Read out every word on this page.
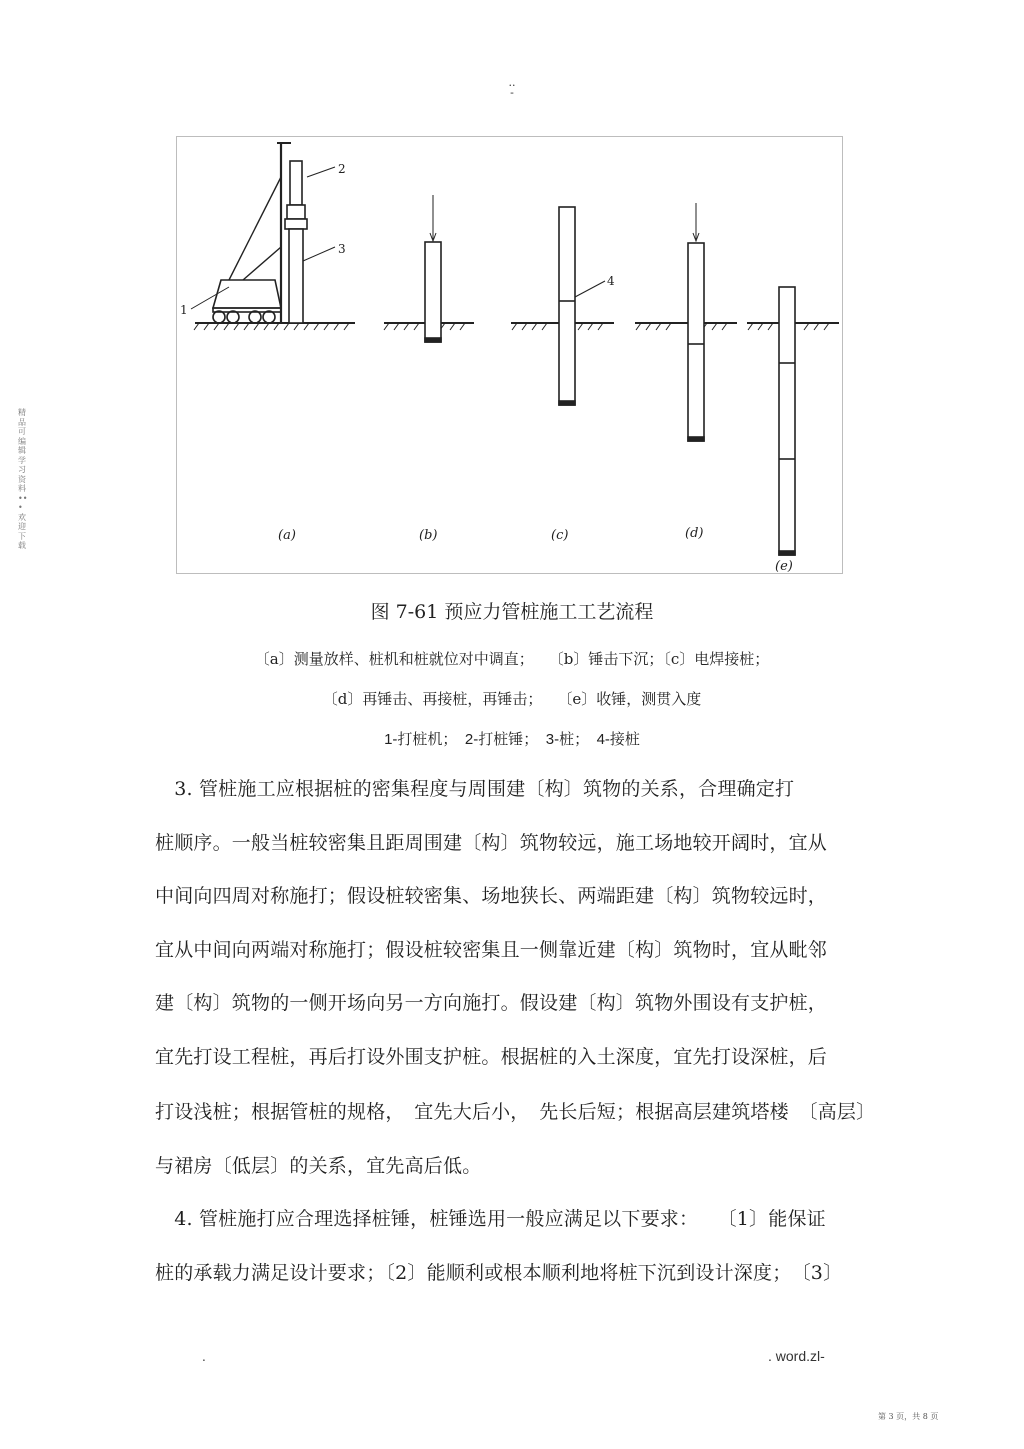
..
-
精品可编辑学习资料•••欢迎下载
2
3
1
(a)	(b)
4
(c)	(d)
(e)
图 7-61 预应力管桩施工工艺流程
〔a〕测量放样、桩机和桩就位对中调直；　　〔b〕锤击下沉；〔c〕电焊接桩；
〔d〕再锤击、再接桩，再锤击；　　〔e〕收锤，测贯入度
1-打桩机；　2-打桩锤；　3-桩；　4-接桩
　3. 管桩施工应根据桩的密集程度与周围建〔构〕筑物的关系，合理确定打
桩顺序。一般当桩较密集且距周围建〔构〕筑物较远，施工场地较开阔时，宜从
中间向四周对称施打；假设桩较密集、场地狭长、两端距建〔构〕筑物较远时，
宜从中间向两端对称施打；假设桩较密集且一侧靠近建〔构〕筑物时，宜从毗邻
建〔构〕筑物的一侧开场向另一方向施打。假设建〔构〕筑物外围设有支护桩，
宜先打设工程桩，再后打设外围支护桩。根据桩的入土深度，宜先打设深桩，后
打设浅桩；根据管桩的规格，　宜先大后小，　先长后短；根据高层建筑塔楼　〔高层〕
与裙房〔低层〕的关系，宜先高后低。
　4. 管桩施打应合理选择桩锤，桩锤选用一般应满足以下要求：　　〔1〕能保证
桩的承载力满足设计要求；〔2〕能顺利或根本顺利地将桩下沉到设计深度；　〔3〕
.	. word.zl-
第 3 页，共 8 页
